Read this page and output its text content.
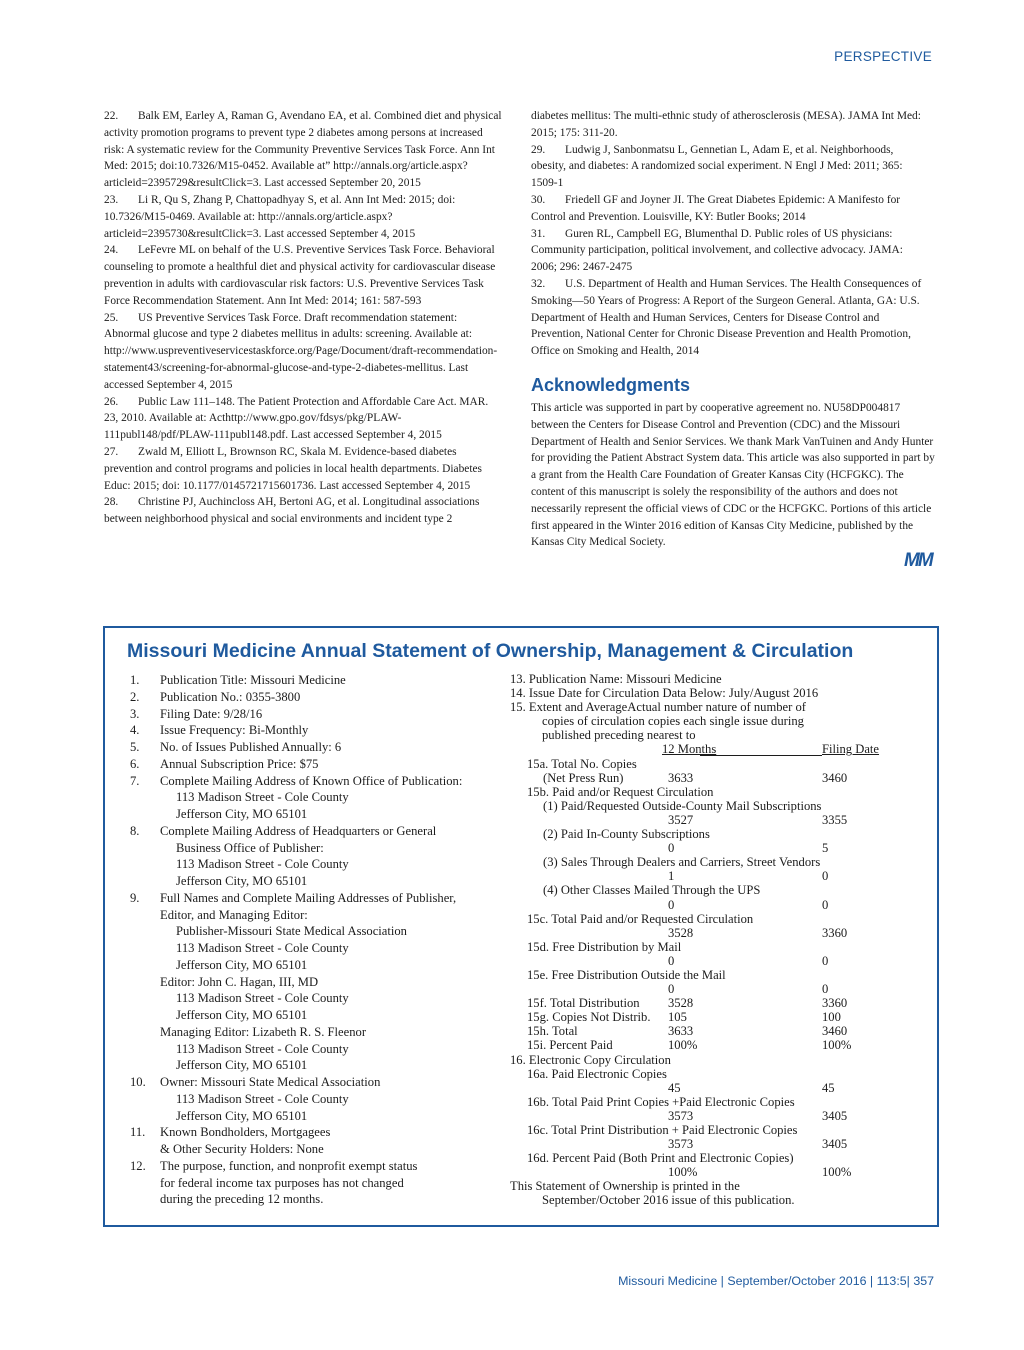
PERSPECTIVE

22. Balk EM, Earley A, Raman G, Avendano EA, et al. Combined diet and physical activity promotion programs to prevent type 2 diabetes among persons at increased risk: A systematic review for the Community Preventive Services Task Force. Ann Int Med: 2015; doi:10.7326/M15-0452. Available at” http://annals.org/article.aspx?articleid=2395729&resultClick=3. Last accessed September 20, 2015

23. Li R, Qu S, Zhang P, Chattopadhyay S, et al. Ann Int Med: 2015; doi: 10.7326/M15-0469. Available at: http://annals.org/article.aspx?articleid=2395730&resultClick=3. Last accessed September 4, 2015

24. LeFevre ML on behalf of the U.S. Preventive Services Task Force. Behavioral counseling to promote a healthful diet and physical activity for cardiovascular disease prevention in adults with cardiovascular risk factors: U.S. Preventive Services Task Force Recommendation Statement. Ann Int Med: 2014; 161: 587-593

25. US Preventive Services Task Force. Draft recommendation statement: Abnormal glucose and type 2 diabetes mellitus in adults: screening. Available at: http://www.uspreventiveservicestaskforce.org/Page/Document/draft-recommendation-statement43/screening-for-abnormal-glucose-and-type-2-diabetes-mellitus. Last accessed September 4, 2015

26. Public Law 111–148. The Patient Protection and Affordable Care Act. MAR. 23, 2010. Available at: Acthttp://www.gpo.gov/fdsys/pkg/PLAW-111publ148/pdf/PLAW-111publ148.pdf. Last accessed September 4, 2015

27. Zwald M, Elliott L, Brownson RC, Skala M. Evidence-based diabetes prevention and control programs and policies in local health departments. Diabetes Educ: 2015; doi: 10.1177/0145721715601736. Last accessed September 4, 2015

28. Christine PJ, Auchincloss AH, Bertoni AG, et al. Longitudinal associations between neighborhood physical and social environments and incident type 2

diabetes mellitus: The multi-ethnic study of atherosclerosis (MESA). JAMA Int Med: 2015; 175: 311-20.

29. Ludwig J, Sanbonmatsu L, Gennetian L, Adam E, et al. Neighborhoods, obesity, and diabetes: A randomized social experiment. N Engl J Med: 2011; 365: 1509-1

30. Friedell GF and Joyner JI. The Great Diabetes Epidemic: A Manifesto for Control and Prevention. Louisville, KY: Butler Books; 2014

31. Guren RL, Campbell EG, Blumenthal D. Public roles of US physicians: Community participation, political involvement, and collective advocacy. JAMA: 2006; 296: 2467-2475

32. U.S. Department of Health and Human Services. The Health Consequences of Smoking—50 Years of Progress: A Report of the Surgeon General. Atlanta, GA: U.S. Department of Health and Human Services, Centers for Disease Control and Prevention, National Center for Chronic Disease Prevention and Health Promotion, Office on Smoking and Health, 2014

Acknowledgments

This article was supported in part by cooperative agreement no. NU58DP004817 between the Centers for Disease Control and Prevention (CDC) and the Missouri Department of Health and Senior Services. We thank Mark VanTuinen and Andy Hunter for providing the Patient Abstract System data. This article was also supported in part by a grant from the Health Care Foundation of Greater Kansas City (HCFGKC). The content of this manuscript is solely the responsibility of the authors and does not necessarily represent the official views of CDC or the HCFGKC. Portions of this article first appeared in the Winter 2016 edition of Kansas City Medicine, published by the Kansas City Medical Society.

MM
Missouri Medicine Annual Statement of Ownership, Management & Circulation
1. Publication Title: Missouri Medicine
2. Publication No.: 0355-3800
3. Filing Date: 9/28/16
4. Issue Frequency: Bi-Monthly
5. No. of Issues Published Annually: 6
6. Annual Subscription Price: $75
7. Complete Mailing Address of Known Office of Publication:
113 Madison Street - Cole County
Jefferson City, MO 65101
8. Complete Mailing Address of Headquarters or General
Business Office of Publisher:
113 Madison Street - Cole County
Jefferson City, MO 65101
9. Full Names and Complete Mailing Addresses of Publisher,
Editor, and Managing Editor:
Publisher-Missouri State Medical Association
113 Madison Street - Cole County
Jefferson City, MO 65101
Editor: John C. Hagan, III, MD
113 Madison Street - Cole County
Jefferson City, MO 65101
Managing Editor: Lizabeth R. S. Fleenor
113 Madison Street - Cole County
Jefferson City, MO 65101
10. Owner: Missouri State Medical Association
113 Madison Street - Cole County
Jefferson City, MO 65101
11. Known Bondholders, Mortgagees
& Other Security Holders: None
12. The purpose, function, and nonprofit exempt status
for federal income tax purposes has not changed
during the preceding 12 months.
13. Publication Name: Missouri Medicine
14. Issue Date for Circulation Data Below: July/August 2016
15. Extent and AverageActual number nature of number of
copies of circulation copies each single issue during
published preceding nearest to
12 Months	Filing Date
15a. Total No. Copies
(Net Press Run)	3633	3460
15b. Paid and/or Request Circulation
(1) Paid/Requested Outside-County Mail Subscriptions
3527	3355
(2) Paid In-County Subscriptions
0	5
(3) Sales Through Dealers and Carriers, Street Vendors
1	0
(4) Other Classes Mailed Through the UPS
0	0
15c. Total Paid and/or Requested Circulation
3528	3360
15d. Free Distribution by Mail
0	0
15e. Free Distribution Outside the Mail
0	0
15f. Total Distribution 3528	3360
15g. Copies Not Distrib. 105	100
15h. Total	3633	3460
15i. Percent Paid	100%	100%
16. Electronic Copy Circulation
16a. Paid Electronic Copies
45	45
16b. Total Paid Print Copies +Paid Electronic Copies
3573	3405
16c. Total Print Distribution + Paid Electronic Copies
3573	3405
16d. Percent Paid (Both Print and Electronic Copies)
100%	100%
This Statement of Ownership is printed in the
September/October 2016 issue of this publication.
Missouri Medicine | September/October 2016 | 113:5| 357
